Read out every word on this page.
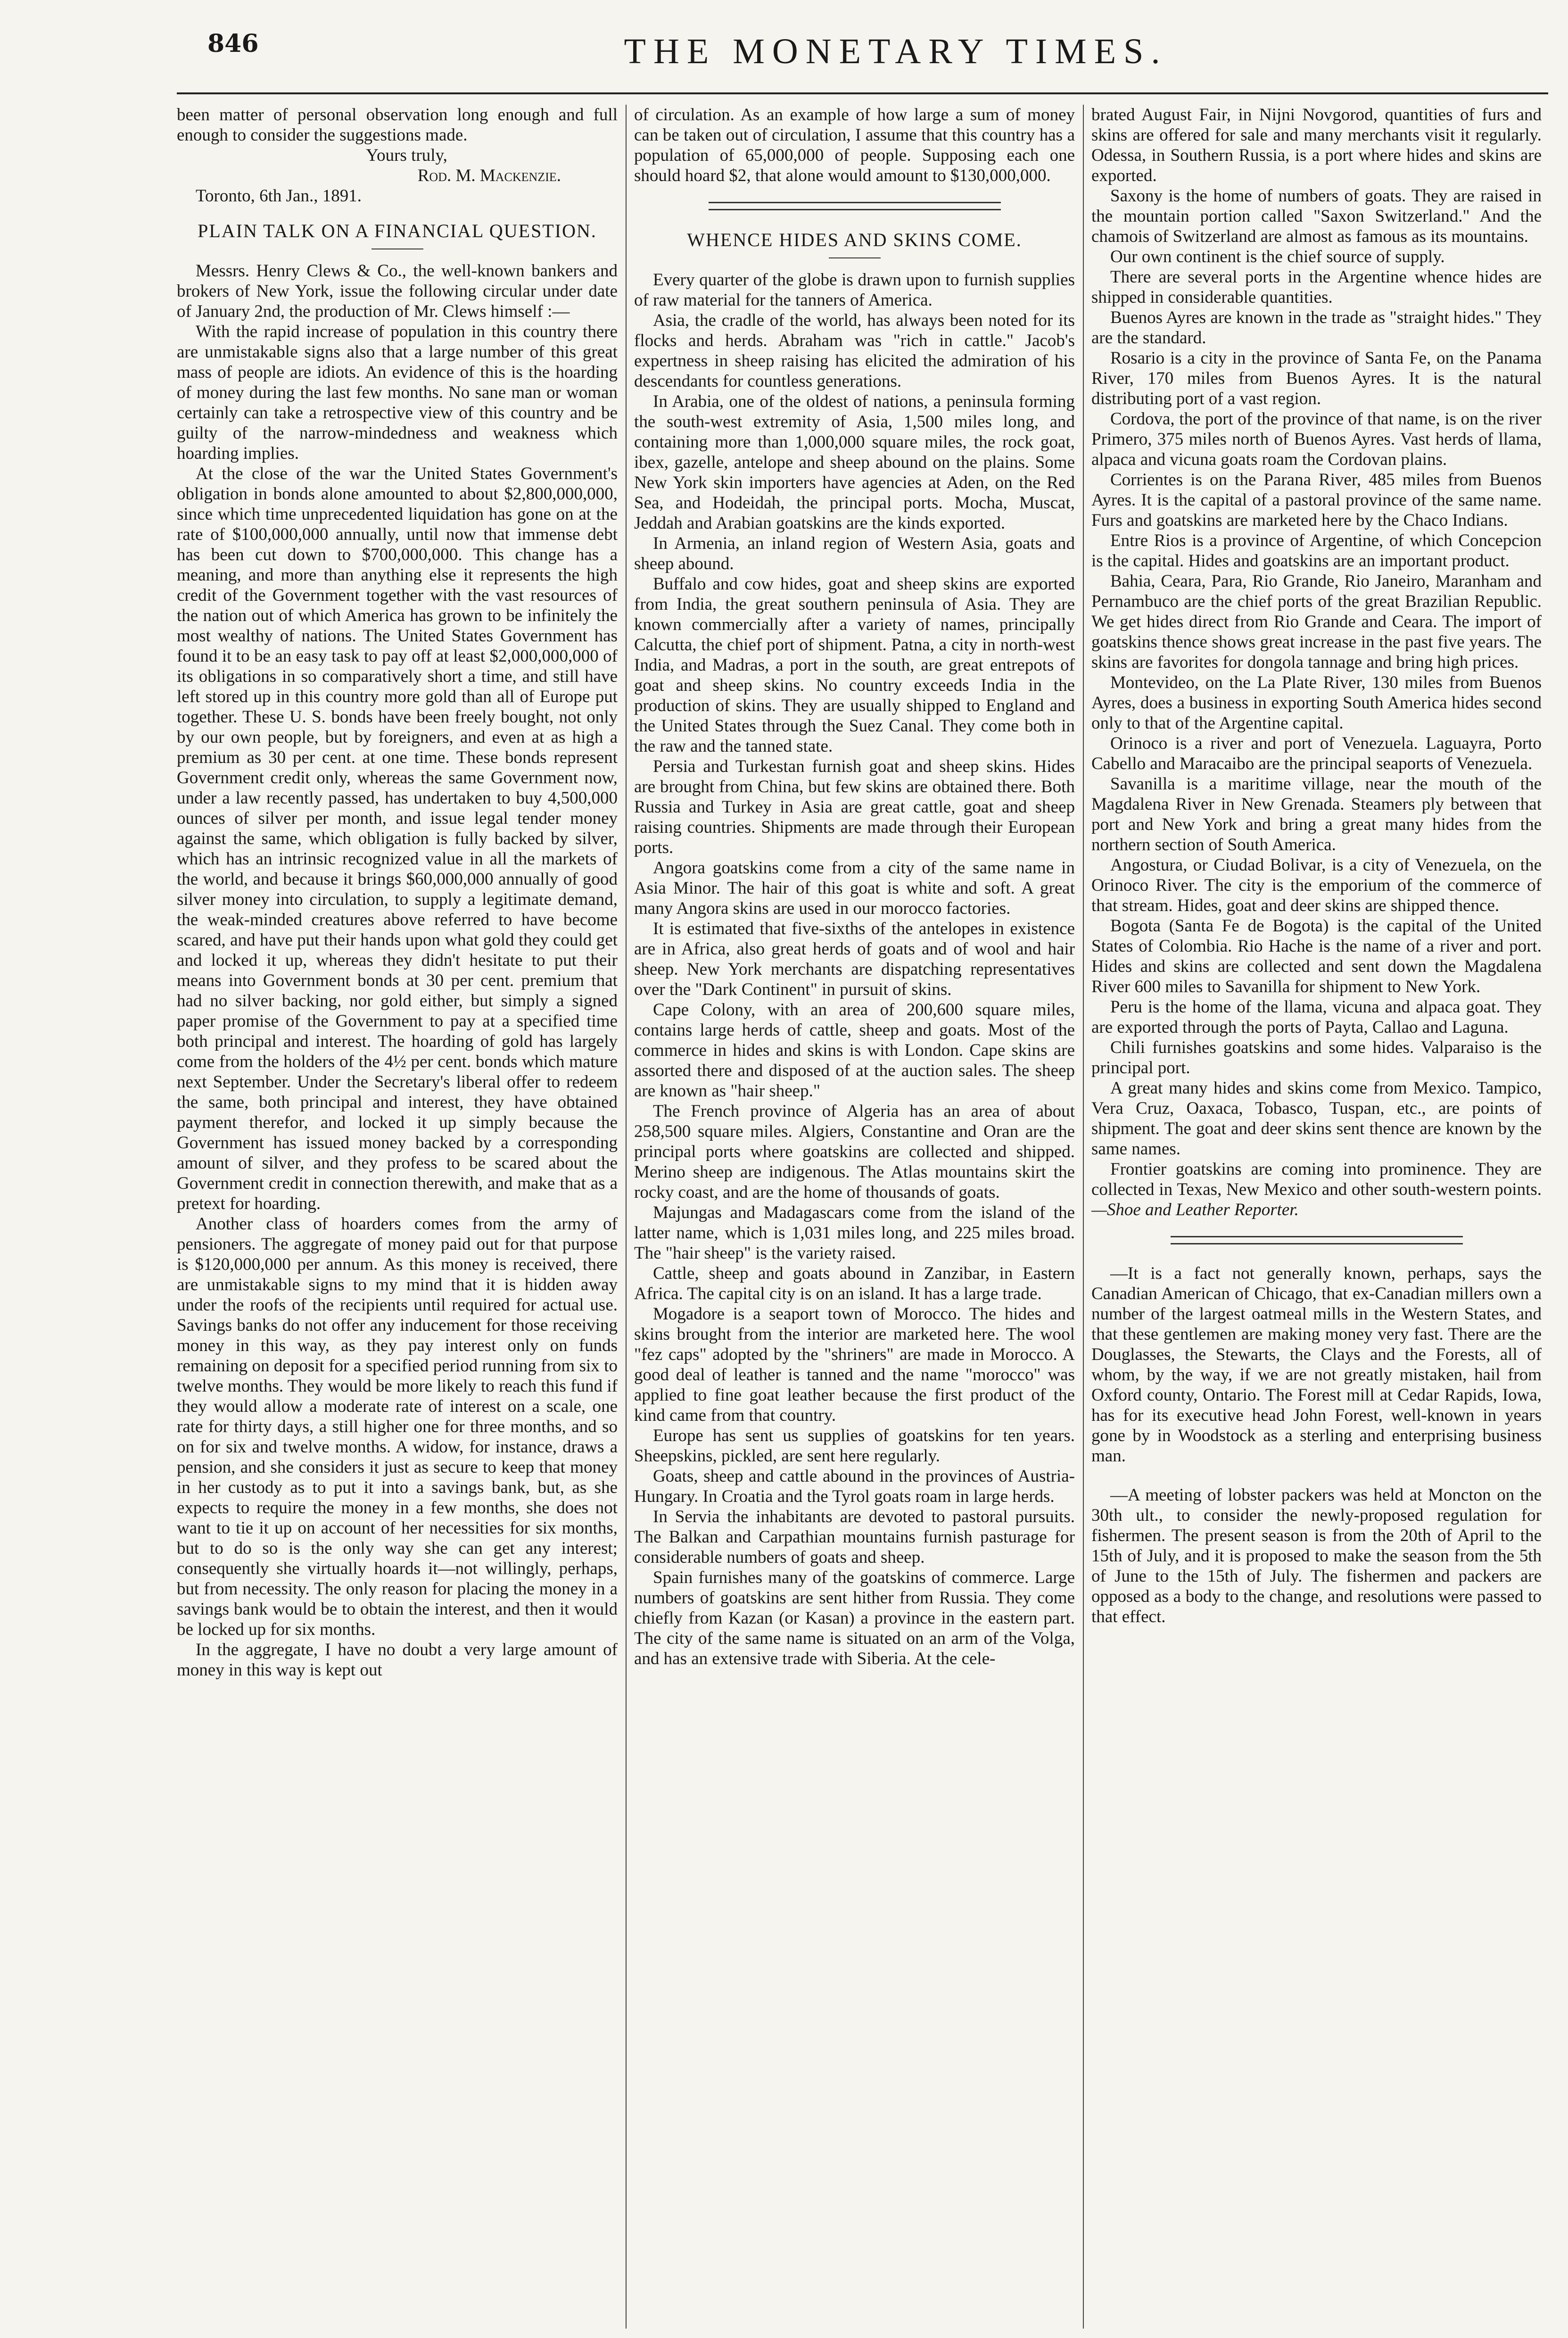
846	THE MONETARY TIMES.

been matter of personal observation long enough and full enough to consider the suggestions made.

Yours truly,

Rod. M. Mackenzie.

Toronto, 6th Jan., 1891.

PLAIN TALK ON A FINANCIAL QUESTION.

Messrs. Henry Clews & Co., the well-known bankers and brokers of New York, issue the following circular under date of January 2nd, the production of Mr. Clews himself :—

With the rapid increase of population in this country there are unmistakable signs also that a large number of this great mass of people are idiots. An evidence of this is the hoarding of money during the last few months. No sane man or woman certainly can take a retrospective view of this country and be guilty of the narrow-mindedness and weakness which hoarding implies.

At the close of the war the United States Government's obligation in bonds alone amounted to about $2,800,000,000, since which time unprecedented liquidation has gone on at the rate of $100,000,000 annually, until now that immense debt has been cut down to $700,000,000. This change has a meaning, and more than anything else it represents the high credit of the Government together with the vast resources of the nation out of which America has grown to be infinitely the most wealthy of nations. The United States Government has found it to be an easy task to pay off at least $2,000,000,000 of its obligations in so comparatively short a time, and still have left stored up in this country more gold than all of Europe put together. These U. S. bonds have been freely bought, not only by our own people, but by foreigners, and even at as high a premium as 30 per cent. at one time. These bonds represent Government credit only, whereas the same Government now, under a law recently passed, has undertaken to buy 4,500,000 ounces of silver per month, and issue legal tender money against the same, which obligation is fully backed by silver, which has an intrinsic recognized value in all the markets of the world, and because it brings $60,000,000 annually of good silver money into circulation, to supply a legitimate demand, the weak-minded creatures above referred to have become scared, and have put their hands upon what gold they could get and locked it up, whereas they didn't hesitate to put their means into Government bonds at 30 per cent. premium that had no silver backing, nor gold either, but simply a signed paper promise of the Government to pay at a specified time both principal and interest. The hoarding of gold has largely come from the holders of the 4½ per cent. bonds which mature next September. Under the Secretary's liberal offer to redeem the same, both principal and interest, they have obtained payment therefor, and locked it up simply because the Government has issued money backed by a corresponding amount of silver, and they profess to be scared about the Government credit in connection therewith, and make that as a pretext for hoarding.

Another class of hoarders comes from the army of pensioners. The aggregate of money paid out for that purpose is $120,000,000 per annum. As this money is received, there are unmistakable signs to my mind that it is hidden away under the roofs of the recipients until required for actual use. Savings banks do not offer any inducement for those receiving money in this way, as they pay interest only on funds remaining on deposit for a specified period running from six to twelve months. They would be more likely to reach this fund if they would allow a moderate rate of interest on a scale, one rate for thirty days, a still higher one for three months, and so on for six and twelve months. A widow, for instance, draws a pension, and she considers it just as secure to keep that money in her custody as to put it into a savings bank, but, as she expects to require the money in a few months, she does not want to tie it up on account of her necessities for six months, but to do so is the only way she can get any interest; consequently she virtually hoards it—not willingly, perhaps, but from necessity. The only reason for placing the money in a savings bank would be to obtain the interest, and then it would be locked up for six months.

In the aggregate, I have no doubt a very large amount of money in this way is kept out

of circulation. As an example of how large a sum of money can be taken out of circulation, I assume that this country has a population of 65,000,000 of people. Supposing each one should hoard $2, that alone would amount to $130,000,000.

WHENCE HIDES AND SKINS COME.

Every quarter of the globe is drawn upon to furnish supplies of raw material for the tanners of America.

Asia, the cradle of the world, has always been noted for its flocks and herds. Abraham was "rich in cattle." Jacob's expertness in sheep raising has elicited the admiration of his descendants for countless generations.

In Arabia, one of the oldest of nations, a peninsula forming the south-west extremity of Asia, 1,500 miles long, and containing more than 1,000,000 square miles, the rock goat, ibex, gazelle, antelope and sheep abound on the plains. Some New York skin importers have agencies at Aden, on the Red Sea, and Hodeidah, the principal ports. Mocha, Muscat, Jeddah and Arabian goatskins are the kinds exported.

In Armenia, an inland region of Western Asia, goats and sheep abound.

Buffalo and cow hides, goat and sheep skins are exported from India, the great southern peninsula of Asia. They are known commercially after a variety of names, principally Calcutta, the chief port of shipment. Patna, a city in north-west India, and Madras, a port in the south, are great entrepots of goat and sheep skins. No country exceeds India in the production of skins. They are usually shipped to England and the United States through the Suez Canal. They come both in the raw and the tanned state.

Persia and Turkestan furnish goat and sheep skins. Hides are brought from China, but few skins are obtained there. Both Russia and Turkey in Asia are great cattle, goat and sheep raising countries. Shipments are made through their European ports.

Angora goatskins come from a city of the same name in Asia Minor. The hair of this goat is white and soft. A great many Angora skins are used in our morocco factories.

It is estimated that five-sixths of the antelopes in existence are in Africa, also great herds of goats and of wool and hair sheep. New York merchants are dispatching representatives over the "Dark Continent" in pursuit of skins.

Cape Colony, with an area of 200,600 square miles, contains large herds of cattle, sheep and goats. Most of the commerce in hides and skins is with London. Cape skins are assorted there and disposed of at the auction sales. The sheep are known as "hair sheep."

The French province of Algeria has an area of about 258,500 square miles. Algiers, Constantine and Oran are the principal ports where goatskins are collected and shipped. Merino sheep are indigenous. The Atlas mountains skirt the rocky coast, and are the home of thousands of goats.

Majungas and Madagascars come from the island of the latter name, which is 1,031 miles long, and 225 miles broad. The "hair sheep" is the variety raised.

Cattle, sheep and goats abound in Zanzibar, in Eastern Africa. The capital city is on an island. It has a large trade.

Mogadore is a seaport town of Morocco. The hides and skins brought from the interior are marketed here. The wool "fez caps" adopted by the "shriners" are made in Morocco. A good deal of leather is tanned and the name "morocco" was applied to fine goat leather because the first product of the kind came from that country.

Europe has sent us supplies of goatskins for ten years. Sheepskins, pickled, are sent here regularly.

Goats, sheep and cattle abound in the provinces of Austria-Hungary. In Croatia and the Tyrol goats roam in large herds.

In Servia the inhabitants are devoted to pastoral pursuits. The Balkan and Carpathian mountains furnish pasturage for considerable numbers of goats and sheep.

Spain furnishes many of the goatskins of commerce. Large numbers of goatskins are sent hither from Russia. They come chiefly from Kazan (or Kasan) a province in the eastern part. The city of the same name is situated on an arm of the Volga, and has an extensive trade with Siberia. At the cele-

brated August Fair, in Nijni Novgorod, quantities of furs and skins are offered for sale and many merchants visit it regularly. Odessa, in Southern Russia, is a port where hides and skins are exported.

Saxony is the home of numbers of goats. They are raised in the mountain portion called "Saxon Switzerland." And the chamois of Switzerland are almost as famous as its mountains.

Our own continent is the chief source of supply.

There are several ports in the Argentine whence hides are shipped in considerable quantities.

Buenos Ayres are known in the trade as "straight hides." They are the standard.

Rosario is a city in the province of Santa Fe, on the Panama River, 170 miles from Buenos Ayres. It is the natural distributing port of a vast region.

Cordova, the port of the province of that name, is on the river Primero, 375 miles north of Buenos Ayres. Vast herds of llama, alpaca and vicuna goats roam the Cordovan plains.

Corrientes is on the Parana River, 485 miles from Buenos Ayres. It is the capital of a pastoral province of the same name. Furs and goatskins are marketed here by the Chaco Indians.

Entre Rios is a province of Argentine, of which Concepcion is the capital. Hides and goatskins are an important product.

Bahia, Ceara, Para, Rio Grande, Rio Janeiro, Maranham and Pernambuco are the chief ports of the great Brazilian Republic. We get hides direct from Rio Grande and Ceara. The import of goatskins thence shows great increase in the past five years. The skins are favorites for dongola tannage and bring high prices.

Montevideo, on the La Plate River, 130 miles from Buenos Ayres, does a business in exporting South America hides second only to that of the Argentine capital.

Orinoco is a river and port of Venezuela. Laguayra, Porto Cabello and Maracaibo are the principal seaports of Venezuela.

Savanilla is a maritime village, near the mouth of the Magdalena River in New Grenada. Steamers ply between that port and New York and bring a great many hides from the northern section of South America.

Angostura, or Ciudad Bolivar, is a city of Venezuela, on the Orinoco River. The city is the emporium of the commerce of that stream. Hides, goat and deer skins are shipped thence.

Bogota (Santa Fe de Bogota) is the capital of the United States of Colombia. Rio Hache is the name of a river and port. Hides and skins are collected and sent down the Magdalena River 600 miles to Savanilla for shipment to New York.

Peru is the home of the llama, vicuna and alpaca goat. They are exported through the ports of Payta, Callao and Laguna.

Chili furnishes goatskins and some hides. Valparaiso is the principal port.

A great many hides and skins come from Mexico. Tampico, Vera Cruz, Oaxaca, Tobasco, Tuspan, etc., are points of shipment. The goat and deer skins sent thence are known by the same names.

Frontier goatskins are coming into prominence. They are collected in Texas, New Mexico and other south-western points.—Shoe and Leather Reporter.

—It is a fact not generally known, perhaps, says the Canadian American of Chicago, that ex-Canadian millers own a number of the largest oatmeal mills in the Western States, and that these gentlemen are making money very fast. There are the Douglasses, the Stewarts, the Clays and the Forests, all of whom, by the way, if we are not greatly mistaken, hail from Oxford county, Ontario. The Forest mill at Cedar Rapids, Iowa, has for its executive head John Forest, well-known in years gone by in Woodstock as a sterling and enterprising business man.

—A meeting of lobster packers was held at Moncton on the 30th ult., to consider the newly-proposed regulation for fishermen. The present season is from the 20th of April to the 15th of July, and it is proposed to make the season from the 5th of June to the 15th of July. The fishermen and packers are opposed as a body to the change, and resolutions were passed to that effect.
